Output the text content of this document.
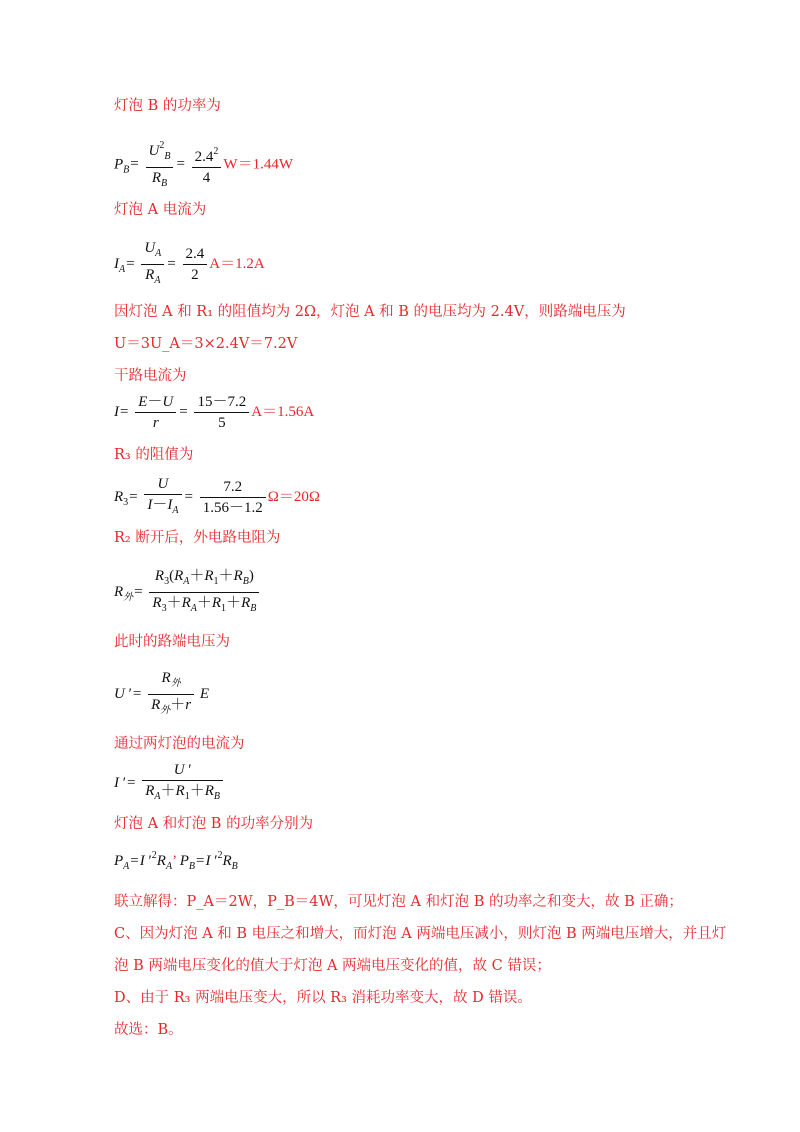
灯泡 B 的功率为
$P_B= \frac{U^2_B}{R_B} = \frac{2.4^2}{4} W=1.44W$
灯泡 A 电流为
$I_A= \frac{U_A}{R_A} = \frac{2.4}{2} A=1.2A$
因灯泡 A 和 R₁ 的阻值均为 2Ω，灯泡 A 和 B 的电压均为 2.4V，则路端电压为
U＝3U_A＝3×2.4V＝7.2V
干路电流为
$I= \frac{E-U}{r} = \frac{15-7.2}{5} A=1.56A$
R₃ 的阻值为
$R_3= \frac{U}{I-I_A} = \frac{7.2}{1.56-1.2} \Omega=20\Omega$
R₂ 断开后，外电路电阻为
$R_外= \frac{R_3(R_A+R_1+R_B)}{R_3+R_A+R_1+R_B}$
此时的路端电压为
U ′= $\frac{R_外}{R_外+r}$ E
通过两灯泡的电流为
I ′= $\frac{U '}{R_A+R_1+R_B}$
灯泡 A 和灯泡 B 的功率分别为
$P_A=I$ $'^2R_A$’ $P_B=I$ $'^2R_B$
联立解得：P_A＝2W，P_B＝4W，可见灯泡 A 和灯泡 B 的功率之和变大，故 B 正确；
C、因为灯泡 A 和 B 电压之和增大，而灯泡 A 两端电压减小，则灯泡 B 两端电压增大，并且灯
泡 B 两端电压变化的值大于灯泡 A 两端电压变化的值，故 C 错误；
D、由于 R₃ 两端电压变大，所以 R₃ 消耗功率变大，故 D 错误。
故选：B。
